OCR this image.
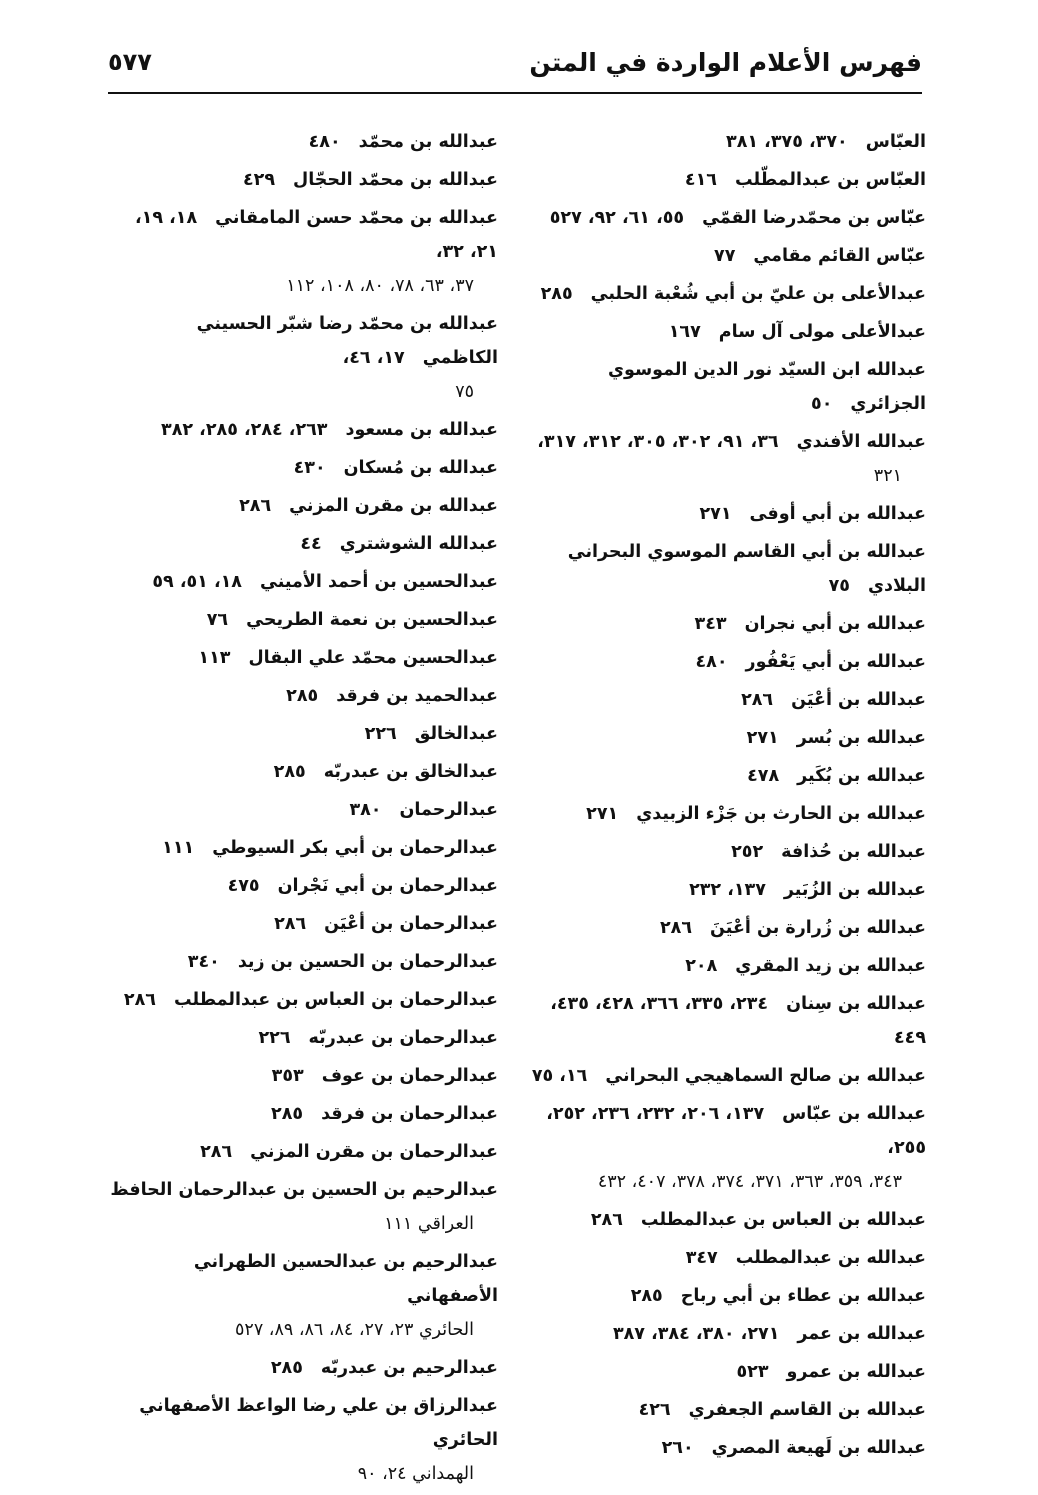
فهرس الأعلام الواردة في المتن
٥٧٧
العبّاس٣٧٠، ٣٧٥، ٣٨١
العبّاس بن عبدالمطّلب٤١٦
عبّاس بن محمّدرضا القمّي٥٥، ٦١، ٩٢، ٥٢٧
عبّاس القائم مقامي٧٧
عبدالأعلى بن عليّ بن أبي شُعْبة الحلبي٢٨٥
عبدالأعلى مولى آل سام١٦٧
عبدالله ابن السيّد نور الدين الموسوي الجزائري٥٠
عبدالله الأفندي٣٦، ٩١، ٣٠٢، ٣٠٥، ٣١٢، ٣١٧،
٣٢١
عبدالله بن أبي أوفى٢٧١
عبدالله بن أبي القاسم الموسوي البحراني البلادي٧٥
عبدالله بن أبي نجران٣٤٣
عبدالله بن أبي يَعْفُور٤٨٠
عبدالله بن أعْيَن٢٨٦
عبدالله بن بُسر٢٧١
عبدالله بن بُكَير٤٧٨
عبدالله بن الحارث بن جَزْء الزبيدي٢٧١
عبدالله بن حُذافة٢٥٢
عبدالله بن الزُبَير١٣٧، ٢٣٢
عبدالله بن زُرارة بن أعْيَنَ٢٨٦
عبدالله بن زيد المقري٢٠٨
عبدالله بن سِنان٢٣٤، ٣٣٥، ٣٦٦، ٤٢٨، ٤٣٥، ٤٤٩
عبدالله بن صالح السماهيجي البحراني١٦، ٧٥
عبدالله بن عبّاس١٣٧، ٢٠٦، ٢٣٢، ٢٣٦، ٢٥٢، ٢٥٥،
٣٤٣، ٣٥٩، ٣٦٣، ٣٧١، ٣٧٤، ٣٧٨، ٤٠٧، ٤٣٢
عبدالله بن العباس بن عبدالمطلب٢٨٦
عبدالله بن عبدالمطلب٣٤٧
عبدالله بن عطاء بن أبي رباح٢٨٥
عبدالله بن عمر٢٧١، ٣٨٠، ٣٨٤، ٣٨٧
عبدالله بن عمرو٥٢٣
عبدالله بن القاسم الجعفري٤٢٦
عبدالله بن لَهيعة المصري٢٦٠
عبدالله بن محمّد٤٨٠
عبدالله بن محمّد الحجّال٤٢٩
عبدالله بن محمّد حسن المامقاني١٨، ١٩، ٢١، ٣٢،
٣٧، ٦٣، ٧٨، ٨٠، ١٠٨، ١١٢
عبدالله بن محمّد رضا شبّر الحسيني الكاظمي١٧، ٤٦،
٧٥
عبدالله بن مسعود٢٦٣، ٢٨٤، ٢٨٥، ٣٨٢
عبدالله بن مُسكان٤٣٠
عبدالله بن مقرن المزني٢٨٦
عبدالله الشوشتري٤٤
عبدالحسين بن أحمد الأميني١٨، ٥١، ٥٩
عبدالحسين بن نعمة الطريحي٧٦
عبدالحسين محمّد علي البقال١١٣
عبدالحميد بن فرقد٢٨٥
عبدالخالق٢٢٦
عبدالخالق بن عبدربّه٢٨٥
عبدالرحمان٣٨٠
عبدالرحمان بن أبي بكر السيوطي١١١
عبدالرحمان بن أبي نَجْران٤٧٥
عبدالرحمان بن أعْيَن٢٨٦
عبدالرحمان بن الحسين بن زيد٣٤٠
عبدالرحمان بن العباس بن عبدالمطلب٢٨٦
عبدالرحمان بن عبدربّه٢٢٦
عبدالرحمان بن عوف٣٥٣
عبدالرحمان بن فرقد٢٨٥
عبدالرحمان بن مقرن المزني٢٨٦
عبدالرحيم بن الحسين بن عبدالرحمان الحافظ
العراقي ١١١
عبدالرحيم بن عبدالحسين الطهراني الأصفهاني
الحائري ٢٣، ٢٧، ٨٤، ٨٦، ٨٩، ٥٢٧
عبدالرحيم بن عبدربّه٢٨٥
عبدالرزاق بن علي رضا الواعظ الأصفهاني الحائري
الهمداني ٢٤، ٩٠
